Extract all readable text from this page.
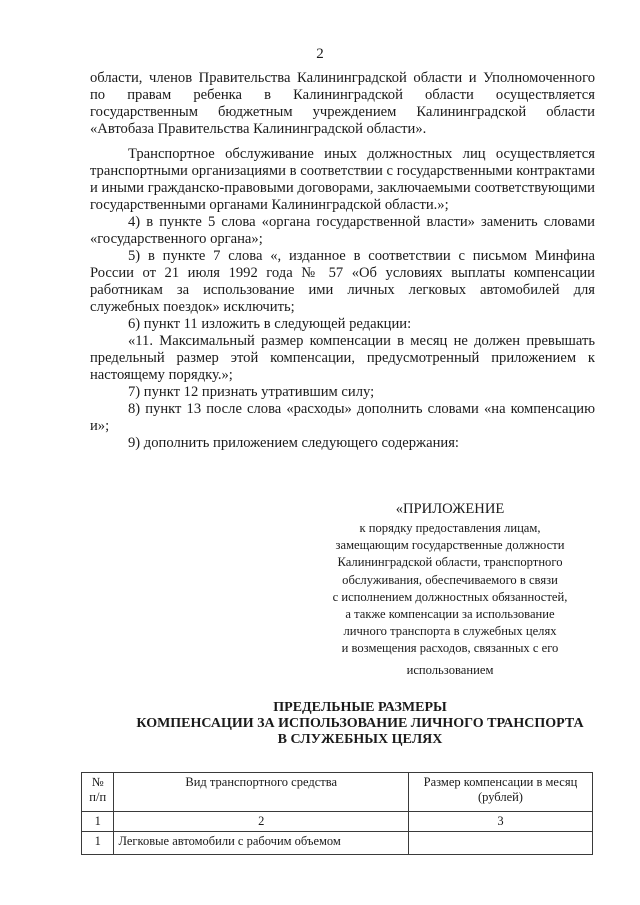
2

области, членов Правительства Калининградской области и Уполномоченного по правам ребенка в Калининградской области осуществляется государственным бюджетным учреждением Калининградской области «Автобаза Правительства Калининградской области».

Транспортное обслуживание иных должностных лиц осуществляется транспортными организациями в соответствии с государственными контрактами и иными гражданско-правовыми договорами, заключаемыми соответствующими государственными органами Калининградской области.»;

4) в пункте 5 слова «органа государственной власти» заменить словами «государственного органа»;

5) в пункте 7 слова «, изданное в соответствии с письмом Минфина России от 21 июля 1992 года № 57 «Об условиях выплаты компенсации работникам за использование ими личных легковых автомобилей для служебных поездок» исключить;

6) пункт 11 изложить в следующей редакции:

«11. Максимальный размер компенсации в месяц не должен превышать предельный размер этой компенсации, предусмотренный приложением к настоящему порядку.»;

7) пункт 12 признать утратившим силу;

8) пункт 13 после слова «расходы» дополнить словами «на компенсацию и»;

9) дополнить приложением следующего содержания:

«ПРИЛОЖЕНИЕ

к порядку предоставления лицам,

замещающим государственные должности

Калининградской области, транспортного

обслуживания, обеспечиваемого в связи

с исполнением должностных обязанностей,

а также компенсации за использование

личного транспорта в служебных целях

и возмещения расходов, связанных с его

использованием

ПРЕДЕЛЬНЫЕ РАЗМЕРЫ
КОМПЕНСАЦИИ ЗА ИСПОЛЬЗОВАНИЕ ЛИЧНОГО ТРАНСПОРТА
В СЛУЖЕБНЫХ ЦЕЛЯХ
№ п/п	Вид транспортного средства	Размер компенсации в месяц (рублей)
1	2	3
1	Легковые автомобили с рабочим объемом	
